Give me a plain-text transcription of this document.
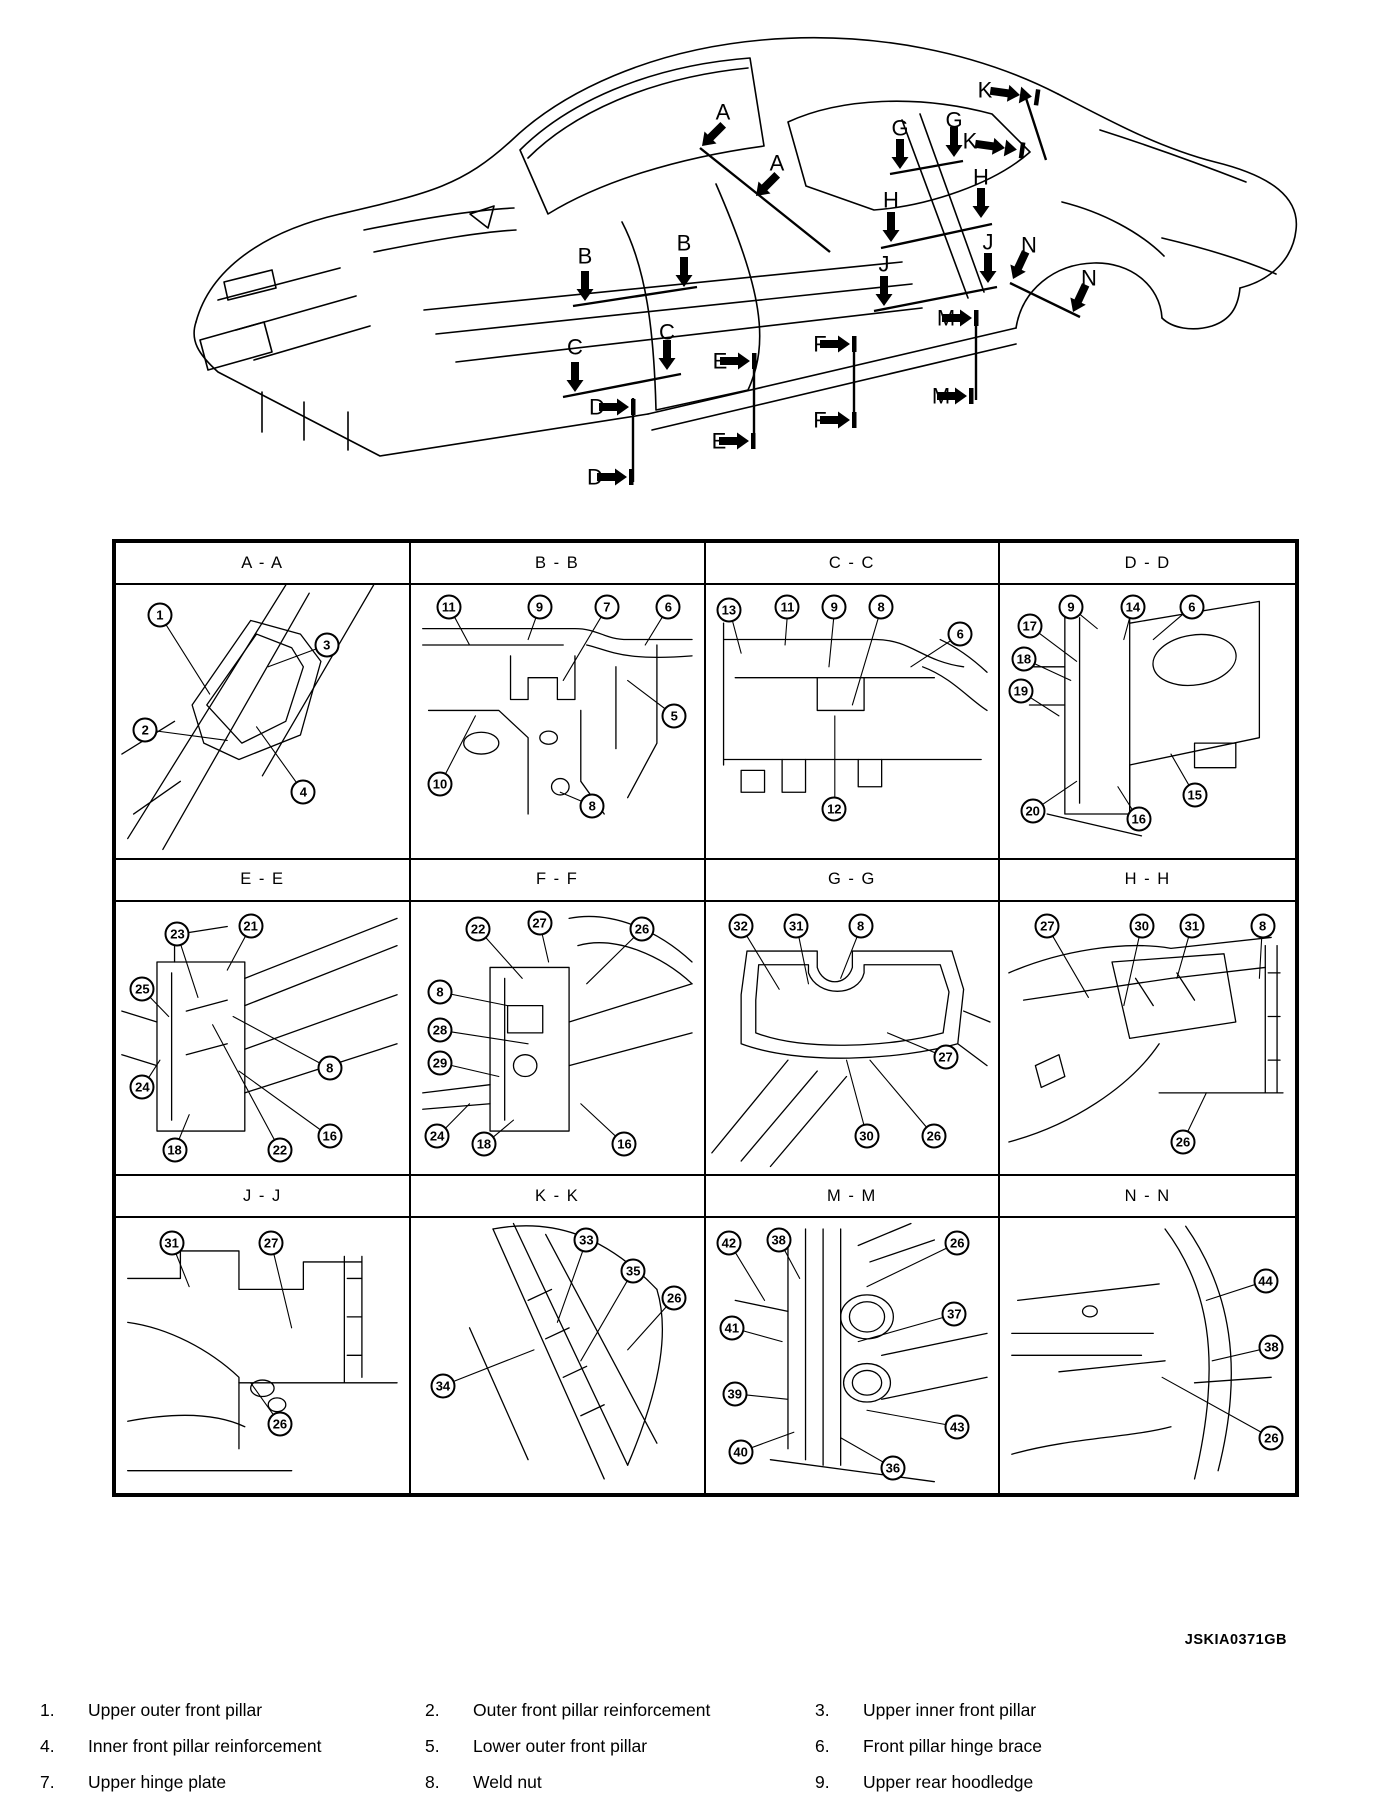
A
A
B
B
C
C
D
D
E
E
F
F
G G
H
H
J
J
K
K
M
M
N
N
A - A
1
3
2
4
B - B
11	9	7	6
5
8
10
C - C
13	11	9	8
6
12
D - D
9	14	6
17
18
19
20
16
15
E - E
23
21
25
24
18	22
16
8
F - F
22	27	26
8
28
29
24
18	16
G - G
32	31	8
27
30	26
H - H
27	30	31	8
26
J - J
31	27
26
K - K
33
35
26
34
M - M
42	38	26
37
41
39
40
36
43
N - N
44
38
26
JSKIA0371GB
1.	Upper outer front pillar	2.	Outer front pillar reinforcement	3.	Upper inner front pillar
4.	Inner front pillar reinforcement	5.	Lower outer front pillar	6.	Front pillar hinge brace
7.	Upper hinge plate	8.	Weld nut	9.	Upper rear hoodledge
